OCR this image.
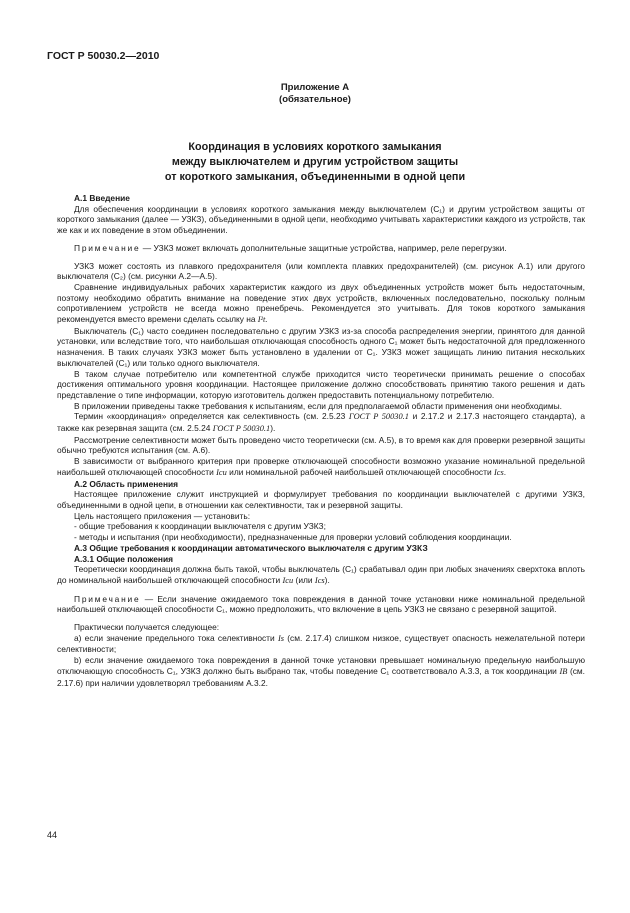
ГОСТ Р 50030.2—2010
Приложение А
(обязательное)
Координация в условиях короткого замыкания
между выключателем и другим устройством защиты
от короткого замыкания, объединенными в одной цепи

А.1 Введение

Для обеспечения координации в условиях короткого замыкания между выключателем (C₁) и другим устройством защиты от короткого замыкания (далее — УЗКЗ), объединенными в одной цепи, необходимо учитывать характеристики каждого из устройств, так же как и их поведение в этом объединении.

Примечание — УЗКЗ может включать дополнительные защитные устройства, например, реле перегрузки.

УЗКЗ может состоять из плавкого предохранителя (или комплекта плавких предохранителей) (см. рисунок А.1) или другого выключателя (C₂) (см. рисунки А.2—А.5).

Сравнение индивидуальных рабочих характеристик каждого из двух объединенных устройств может быть недостаточным, поэтому необходимо обратить внимание на поведение этих двух устройств, включенных последовательно, поскольку полным сопротивлением устройств не всегда можно пренебречь. Рекомендуется это учитывать. Для токов короткого замыкания рекомендуется вместо времени сделать ссылку на I²t.

Выключатель (C₁) часто соединен последовательно с другим УЗКЗ из-за способа распределения энергии, принятого для данной установки, или вследствие того, что наибольшая отключающая способность одного C₁ может быть недостаточной для предложенного назначения. В таких случаях УЗКЗ может быть установлено в удалении от C₁. УЗКЗ может защищать линию питания нескольких выключателей (C₁) или только одного выключателя.

В таком случае потребителю или компетентной службе приходится чисто теоретически принимать решение о способах достижения оптимального уровня координации. Настоящее приложение должно способствовать принятию такого решения и дать представление о типе информации, которую изготовитель должен предоставить потенциальному потребителю.

В приложении приведены также требования к испытаниям, если для предполагаемой области применения они необходимы.

Термин «координация» определяется как селективность (см. 2.5.23 ГОСТ Р 50030.1 и 2.17.2 и 2.17.3 настоящего стандарта), а также как резервная защита (см. 2.5.24 ГОСТ Р 50030.1).

Рассмотрение селективности может быть проведено чисто теоретически (см. А.5), в то время как для проверки резервной защиты обычно требуются испытания (см. А.6).

В зависимости от выбранного критерия при проверке отключающей способности возможно указание номинальной предельной наибольшей отключающей способности Icu или номинальной рабочей наибольшей отключающей способности Ics.

А.2 Область применения

Настоящее приложение служит инструкцией и формулирует требования по координации выключателей с другими УЗКЗ, объединенными в одной цепи, в отношении как селективности, так и резервной защиты.

Цель настоящего приложения — установить:

- общие требования к координации выключателя с другим УЗКЗ;

- методы и испытания (при необходимости), предназначенные для проверки условий соблюдения координации.

А.3 Общие требования к координации автоматического выключателя с другим УЗКЗ

А.3.1 Общие положения

Теоретически координация должна быть такой, чтобы выключатель (C₁) срабатывал один при любых значениях сверхтока вплоть до номинальной наибольшей отключающей способности Icu (или Ics).

Примечание — Если значение ожидаемого тока повреждения в данной точке установки ниже номинальной предельной наибольшей отключающей способности C₁, можно предположить, что включение в цепь УЗКЗ не связано с резервной защитой.

Практически получается следующее:

а) если значение предельного тока селективности Is (см. 2.17.4) слишком низкое, существует опасность нежелательной потери селективности;

b) если значение ожидаемого тока повреждения в данной точке установки превышает номинальную предельную наибольшую отключающую способность C₁, УЗКЗ должно быть выбрано так, чтобы поведение C₁ соответствовало А.3.3, а ток координации IB (см. 2.17.6) при наличии удовлетворял требованиям А.3.2.

44
